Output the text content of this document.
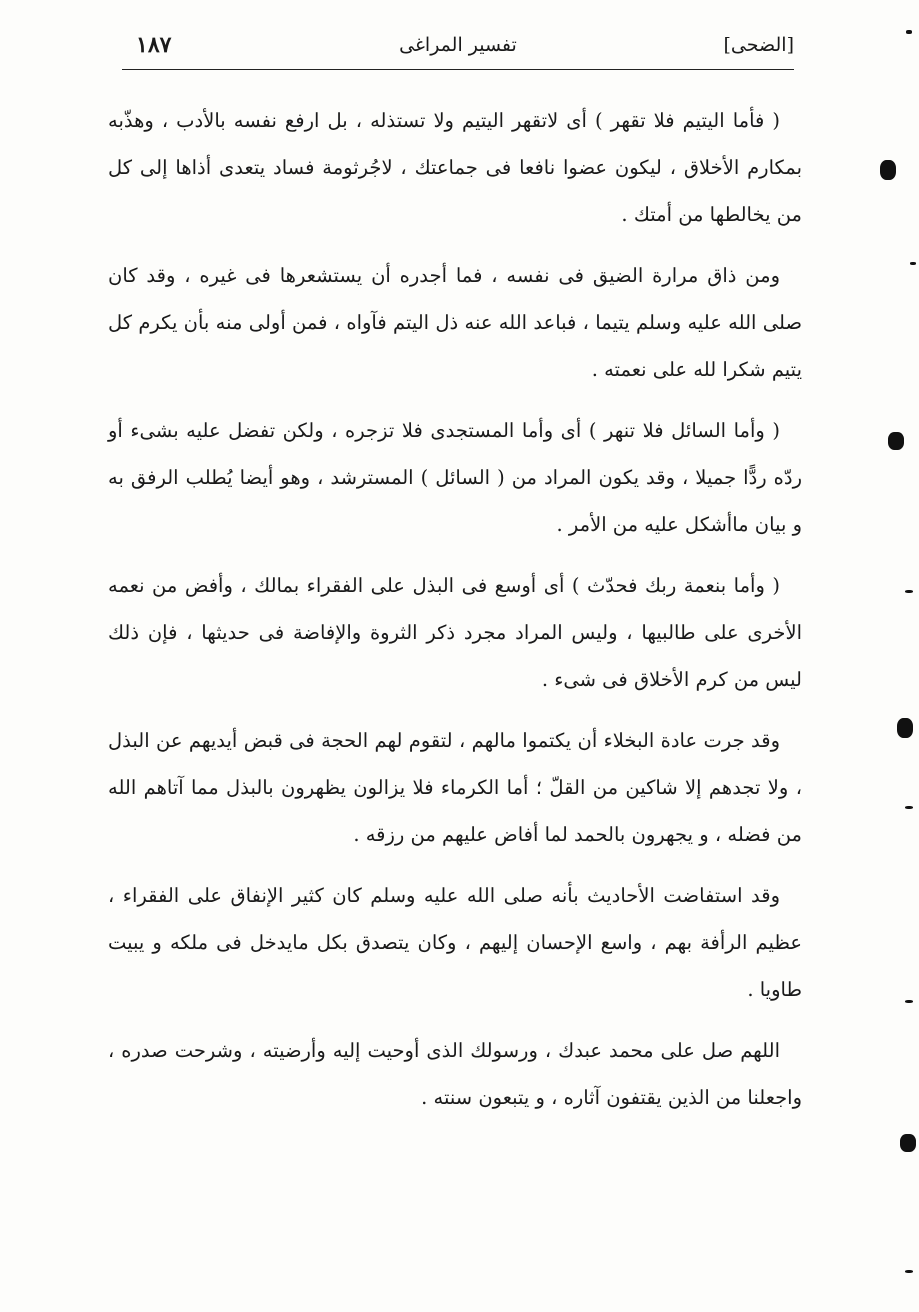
[الضحى]
تفسير المراغى
١٨٧

( فأما اليتيم فلا تقهر ) أى لاتقهر اليتيم ولا تستذله ، بل ارفع نفسه بالأدب ، وهذّبه بمكارم الأخلاق ، ليكون عضوا نافعا فى جماعتك ، لاجُرثومة فساد يتعدى أذاها إلى كل من يخالطها من أمتك .

ومن ذاق مرارة الضيق فى نفسه ، فما أجدره أن يستشعرها فى غيره ، وقد كان صلى الله عليه وسلم يتيما ، فباعد الله عنه ذل اليتم فآواه ، فمن أولى منه بأن يكرم كل يتيم شكرا لله على نعمته .

( وأما السائل فلا تنهر ) أى وأما المستجدى فلا تزجره ، ولكن تفضل عليه بشىء أو ردّه ردًّا جميلا ، وقد يكون المراد من ( السائل ) المسترشد ، وهو أيضا يُطلب الرفق به و بيان ماأشكل عليه من الأمر .

( وأما بنعمة ربك فحدّث ) أى أوسع فى البذل على الفقراء بمالك ، وأفض من نعمه الأخرى على طالبيها ، وليس المراد مجرد ذكر الثروة والإفاضة فى حديثها ، فإن ذلك ليس من كرم الأخلاق فى شىء .

وقد جرت عادة البخلاء أن يكتموا مالهم ، لتقوم لهم الحجة فى قبض أيديهم عن البذل ، ولا تجدهم إلا شاكين من القلّ ؛ أما الكرماء فلا يزالون يظهرون بالبذل مما آتاهم الله من فضله ، و يجهرون بالحمد لما أفاض عليهم من رزقه .

وقد استفاضت الأحاديث بأنه صلى الله عليه وسلم كان كثير الإنفاق على الفقراء ، عظيم الرأفة بهم ، واسع الإحسان إليهم ، وكان يتصدق بكل مايدخل فى ملكه و يبيت طاويا .

اللهم صل على محمد عبدك ، ورسولك الذى أوحيت إليه وأرضيته ، وشرحت صدره ، واجعلنا من الذين يقتفون آثاره ، و يتبعون سنته .
